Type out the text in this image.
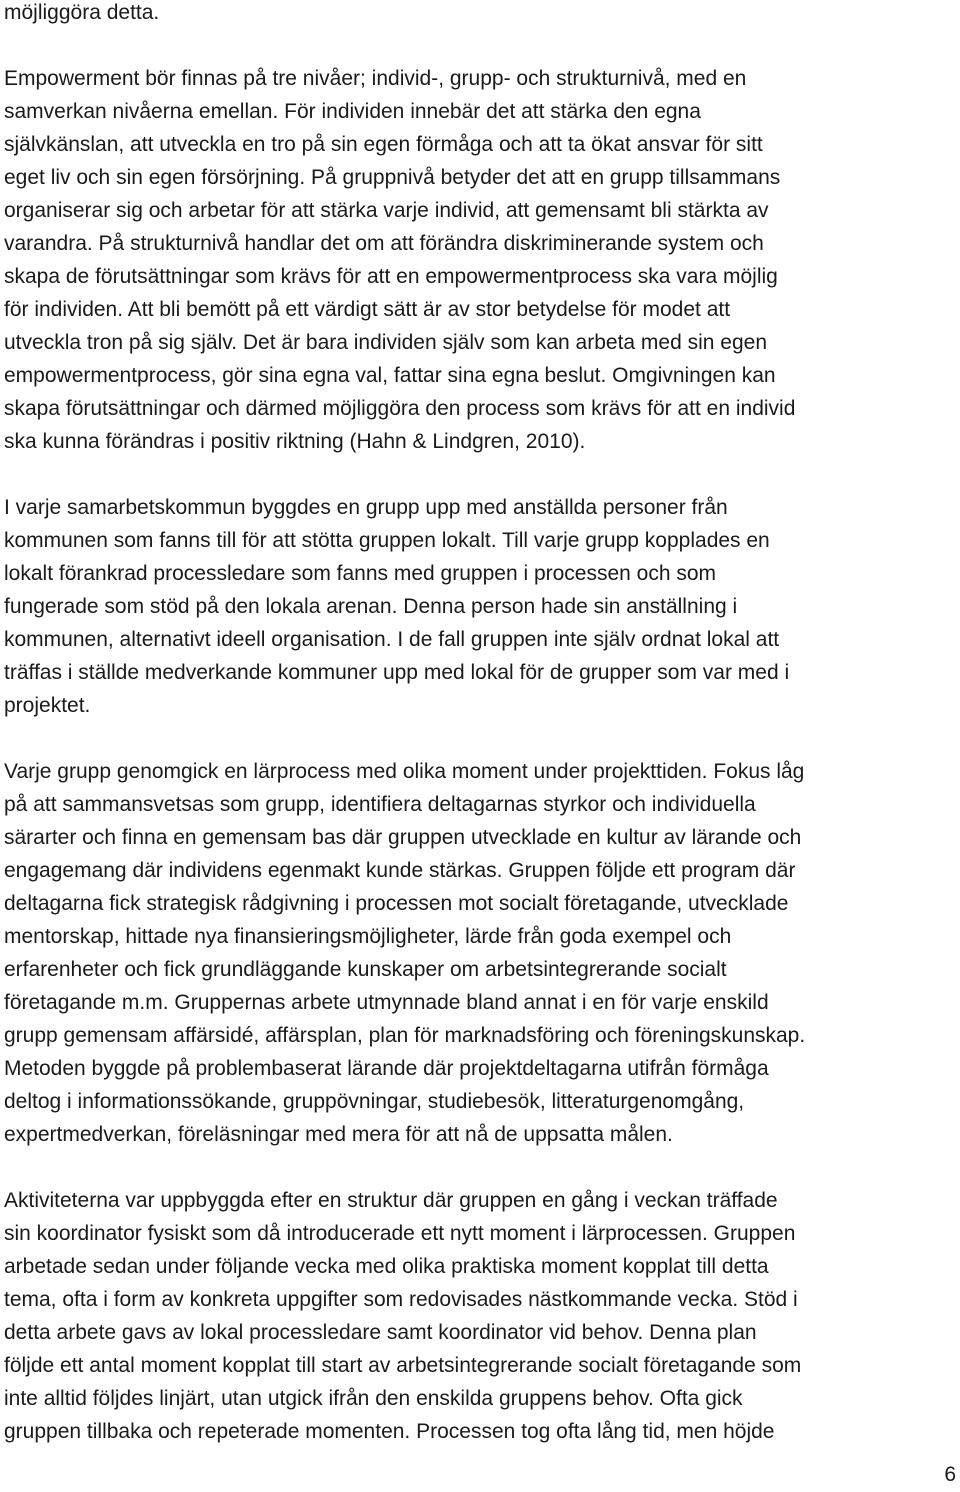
möjliggöra detta.
Empowerment bör finnas på tre nivåer; individ-, grupp- och strukturnivå, med en
samverkan nivåerna emellan. För individen innebär det att stärka den egna
självkänslan, att utveckla en tro på sin egen förmåga och att ta ökat ansvar för sitt
eget liv och sin egen försörjning. På gruppnivå betyder det att en grupp tillsammans
organiserar sig och arbetar för att stärka varje individ, att gemensamt bli stärkta av
varandra. På strukturnivå handlar det om att förändra diskriminerande system och
skapa de förutsättningar som krävs för att en empowermentprocess ska vara möjlig
för individen. Att bli bemött på ett värdigt sätt är av stor betydelse för modet att
utveckla tron på sig själv. Det är bara individen själv som kan arbeta med sin egen
empowermentprocess, gör sina egna val, fattar sina egna beslut. Omgivningen kan
skapa förutsättningar och därmed möjliggöra den process som krävs för att en individ
ska kunna förändras i positiv riktning (Hahn & Lindgren, 2010).
I varje samarbetskommun byggdes en grupp upp med anställda personer från
kommunen som fanns till för att stötta gruppen lokalt. Till varje grupp kopplades en
lokalt förankrad processledare som fanns med gruppen i processen och som
fungerade som stöd på den lokala arenan. Denna person hade sin anställning i
kommunen, alternativt ideell organisation. I de fall gruppen inte själv ordnat lokal att
träffas i ställde medverkande kommuner upp med lokal för de grupper som var med i
projektet.
Varje grupp genomgick en lärprocess med olika moment under projekttiden. Fokus låg
på att sammansvetsas som grupp, identifiera deltagarnas styrkor och individuella
särarter och finna en gemensam bas där gruppen utvecklade en kultur av lärande och
engagemang där individens egenmakt kunde stärkas. Gruppen följde ett program där
deltagarna fick strategisk rådgivning i processen mot socialt företagande, utvecklade
mentorskap, hittade nya finansieringsmöjligheter, lärde från goda exempel och
erfarenheter och fick grundläggande kunskaper om arbetsintegrerande socialt
företagande m.m. Gruppernas arbete utmynnade bland annat i en för varje enskild
grupp gemensam affärsidé, affärsplan, plan för marknadsföring och föreningskunskap.
Metoden byggde på problembaserat lärande där projektdeltagarna utifrån förmåga
deltog i informationssökande, gruppövningar, studiebesök, litteraturgenomgång,
expertmedverkan, föreläsningar med mera för att nå de uppsatta målen.
Aktiviteterna var uppbyggda efter en struktur där gruppen en gång i veckan träffade
sin koordinator fysiskt som då introducerade ett nytt moment i lärprocessen. Gruppen
arbetade sedan under följande vecka med olika praktiska moment kopplat till detta
tema, ofta i form av konkreta uppgifter som redovisades nästkommande vecka. Stöd i
detta arbete gavs av lokal processledare samt koordinator vid behov. Denna plan
följde ett antal moment kopplat till start av arbetsintegrerande socialt företagande som
inte alltid följdes linjärt, utan utgick ifrån den enskilda gruppens behov. Ofta gick
gruppen tillbaka och repeterade momenten. Processen tog ofta lång tid, men höjde

6
